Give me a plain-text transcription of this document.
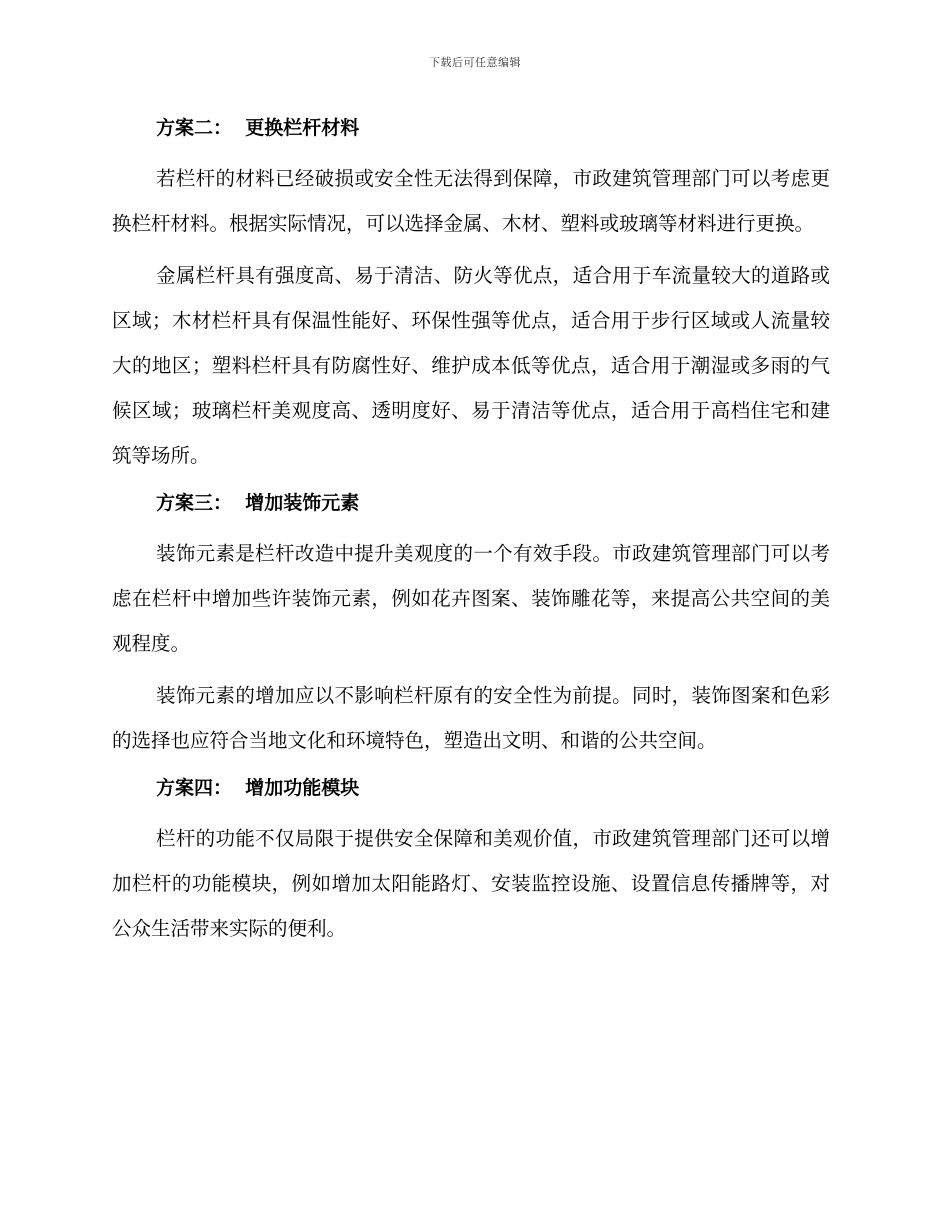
下载后可任意编辑
方案二：  更换栏杆材料

若栏杆的材料已经破损或安全性无法得到保障，市政建筑管理部门可以考虑更换栏杆材料。根据实际情况，可以选择金属、木材、塑料或玻璃等材料进行更换。

金属栏杆具有强度高、易于清洁、防火等优点，适合用于车流量较大的道路或区域；木材栏杆具有保温性能好、环保性强等优点，适合用于步行区域或人流量较大的地区；塑料栏杆具有防腐性好、维护成本低等优点，适合用于潮湿或多雨的气候区域；玻璃栏杆美观度高、透明度好、易于清洁等优点，适合用于高档住宅和建筑等场所。

方案三：  增加装饰元素

装饰元素是栏杆改造中提升美观度的一个有效手段。市政建筑管理部门可以考虑在栏杆中增加些许装饰元素，例如花卉图案、装饰雕花等，来提高公共空间的美观程度。

装饰元素的增加应以不影响栏杆原有的安全性为前提。同时，装饰图案和色彩的选择也应符合当地文化和环境特色，塑造出文明、和谐的公共空间。

方案四：  增加功能模块

栏杆的功能不仅局限于提供安全保障和美观价值，市政建筑管理部门还可以增加栏杆的功能模块，例如增加太阳能路灯、安装监控设施、设置信息传播牌等，对公众生活带来实际的便利。
